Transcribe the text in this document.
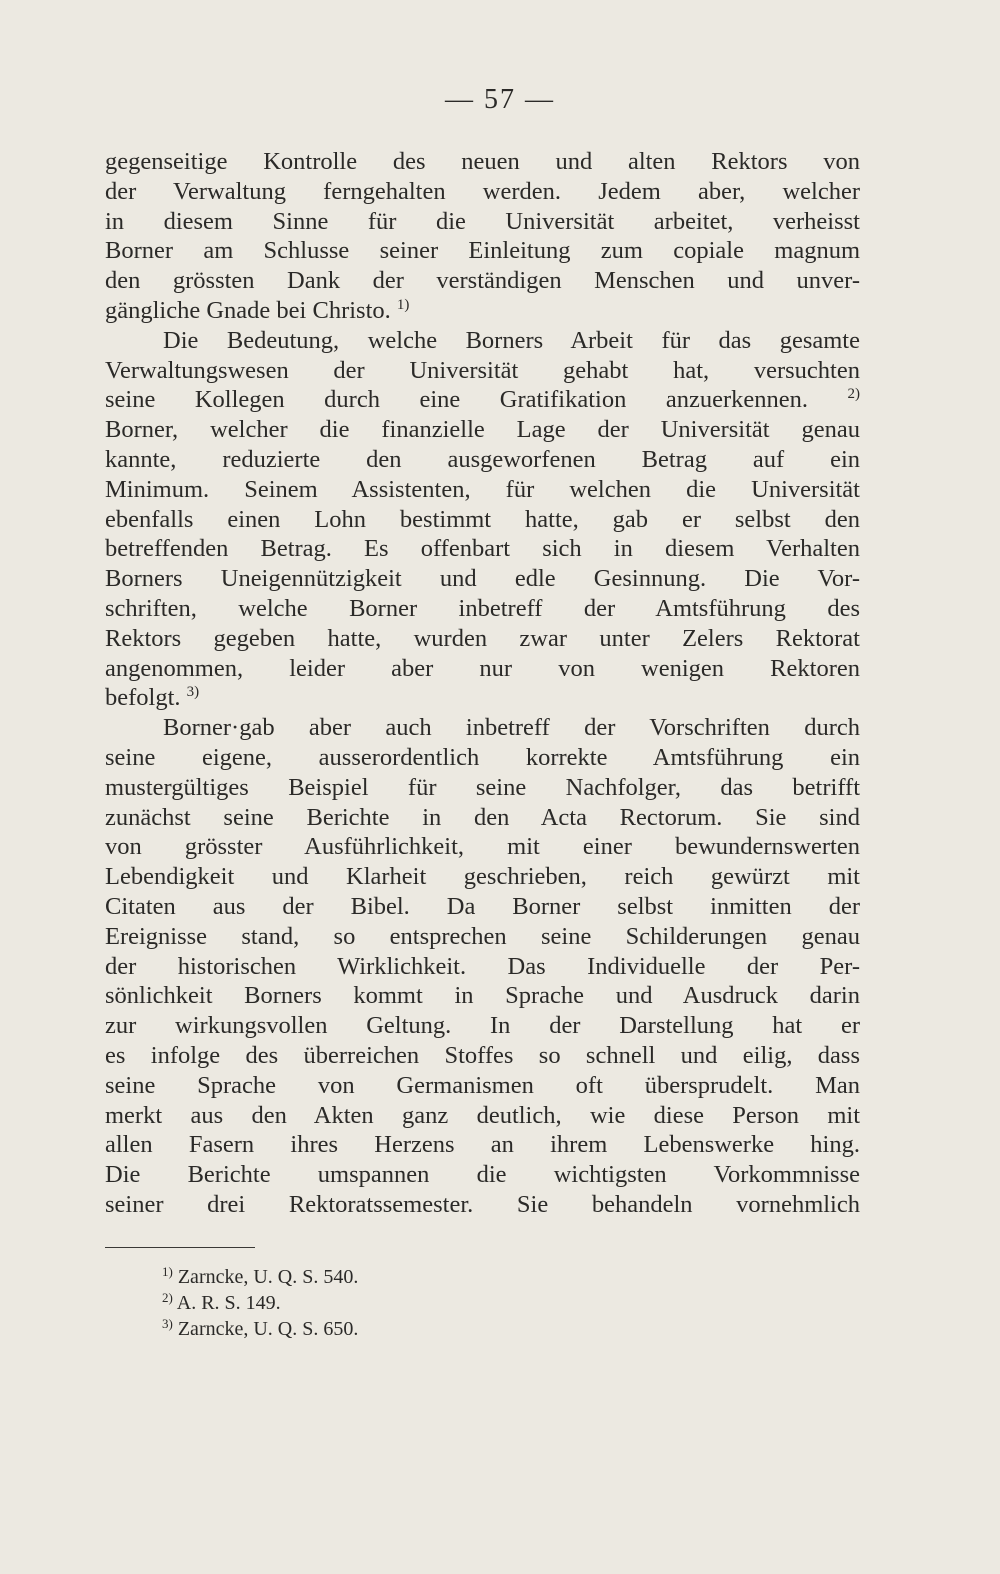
— 57 —
gegenseitige Kontrolle des neuen und alten Rektors von
der Verwaltung ferngehalten werden. Jedem aber, welcher
in diesem Sinne für die Universität arbeitet, verheisst
Borner am Schlusse seiner Einleitung zum copiale magnum
den grössten Dank der verständigen Menschen und unver-
gängliche Gnade bei Christo. $^{1)}$
Die Bedeutung, welche Borners Arbeit für das gesamte
Verwaltungswesen der Universität gehabt hat, versuchten
seine Kollegen durch eine Gratifikation anzuerkennen.	$^{2)}$
Borner, welcher die finanzielle Lage der Universität genau
kannte, reduzierte den ausgeworfenen Betrag auf ein
Minimum. Seinem Assistenten, für welchen die Universität
ebenfalls einen Lohn bestimmt hatte, gab er selbst den
betreffenden Betrag. Es offenbart sich in diesem Verhalten
Borners Uneigennützigkeit und edle Gesinnung. Die Vor-
schriften, welche Borner inbetreff der Amtsführung des
Rektors gegeben hatte, wurden zwar unter Zelers Rektorat
angenommen, leider aber nur von wenigen Rektoren
befolgt. $^{3)}$
Borner·gab aber auch inbetreff der Vorschriften durch
seine eigene, ausserordentlich korrekte Amtsführung ein
mustergültiges Beispiel für seine Nachfolger, das betrifft
zunächst seine Berichte in den Acta Rectorum. Sie sind
von grösster Ausführlichkeit, mit einer bewundernswerten
Lebendigkeit und Klarheit geschrieben, reich gewürzt mit
Citaten aus der Bibel. Da Borner selbst inmitten der
Ereignisse stand, so entsprechen seine Schilderungen genau
der historischen Wirklichkeit. Das Individuelle der Per-
sönlichkeit Borners kommt in Sprache und Ausdruck darin
zur wirkungsvollen Geltung. In der Darstellung hat er
es infolge des überreichen Stoffes so schnell und eilig, dass
seine Sprache von Germanismen oft übersprudelt. Man
merkt aus den Akten ganz deutlich, wie diese Person mit
allen Fasern ihres Herzens an ihrem Lebenswerke hing.
Die Berichte umspannen die wichtigsten Vorkommnisse
seiner drei Rektoratssemester. Sie behandeln vornehmlich
$^{1)}$ Zarncke, U. Q. S. 540.
$^{2)}$ A. R. S. 149.
$^{3)}$ Zarncke, U. Q. S. 650.
